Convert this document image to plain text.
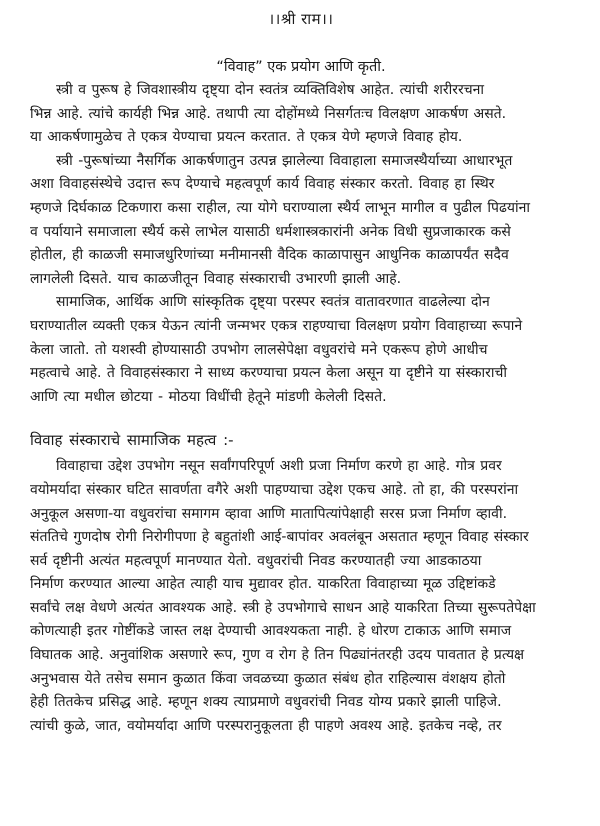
।।श्री राम।।
“विवाह” एक प्रयोग आणि कृती.
स्त्री व पुरूष हे जिवशास्त्रीय दृष्ट्या दोन स्वतंत्र व्यक्तिविशेष आहेत. त्यांची शरीररचना
भिन्न आहे. त्यांचे कार्यही भिन्न आहे. तथापी त्या दोहोंमध्ये निसर्गतःच विलक्षण आकर्षण असते.
या आकर्षणामुळेच ते एकत्र येण्याचा प्रयत्न करतात. ते एकत्र येणे म्हणजे विवाह होय.
स्त्री -पुरूषांच्या नैसर्गिक आकर्षणातुन उत्पन्न झालेल्या विवाहाला समाजस्थैर्याच्या आधारभूत
अशा विवाहसंस्थेचे उदात्त रूप देण्याचे महत्वपूर्ण कार्य विवाह संस्कार करतो. विवाह हा स्थिर
म्हणजे दिर्घकाळ टिकणारा कसा राहील, त्या योगे घराण्याला स्थैर्य लाभून मागील व पुढील पिढयांना
व पर्यायाने समाजाला स्थैर्य कसे लाभेल यासाठी धर्मशास्त्रकारांनी अनेक विधी सुप्रजाकारक कसे
होतील, ही काळजी समाजधुरिणांच्या मनीमानसी वैदिक काळापासुन आधुनिक काळापर्यंत सदैव
लागलेली दिसते. याच काळजीतून विवाह संस्काराची उभारणी झाली आहे.
सामाजिक, आर्थिक आणि सांस्कृतिक दृष्ट्या परस्पर स्वतंत्र वातावरणात वाढलेल्या दोन
घराण्यातील व्यक्ती एकत्र येऊन त्यांनी जन्मभर एकत्र राहण्याचा विलक्षण प्रयोग विवाहाच्या रूपाने
केला जातो. तो यशस्वी होण्यासाठी उपभोग लालसेपेक्षा वधुवरांचे मने एकरूप होणे आधीच
महत्वाचे आहे. ते विवाहसंस्कारा ने साध्य करण्याचा प्रयत्न केला असून या दृष्टीने या संस्काराची
आणि त्या मधील छोटया - मोठया विधींची हेतूने मांडणी केलेली दिसते.
विवाह संस्काराचे सामाजिक महत्व :-
विवाहाचा उद्देश उपभोग नसून सर्वांगपरिपूर्ण अशी प्रजा निर्माण करणे हा आहे. गोत्र प्रवर
वयोमर्यादा संस्कार घटित सावर्णता वगैरे अशी पाहण्याचा उद्देश एकच आहे. तो हा, की परस्परांना
अनुकूल असणा-या वधुवरांचा समागम व्हावा आणि मातापित्यांपेक्षाही सरस प्रजा निर्माण व्हावी.
संततिचे गुणदोष रोगी निरोगीपणा हे बहुतांशी आई-बापांवर अवलंबून असतात म्हणून विवाह संस्कार
सर्व दृष्टीनी अत्यंत महत्वपूर्ण मानण्यात येतो. वधुवरांची निवड करण्यातही ज्या आडकाठया
निर्माण करण्यात आल्या आहेत त्याही याच मुद्यावर होत. याकरिता विवाहाच्या मूळ उद्दिष्टांकडे
सर्वांचे लक्ष वेधणे अत्यंत आवश्यक आहे. स्त्री हे उपभोगाचे साधन आहे याकरिता तिच्या सुरूपतेपेक्षा
कोणत्याही इतर गोष्टींकडे जास्त लक्ष देण्याची आवश्यकता नाही. हे धोरण टाकाऊ आणि समाज
विघातक आहे. अनुवांशिक असणारे रूप, गुण व रोग हे तिन पिढ्यांनंतरही उदय पावतात हे प्रत्यक्ष
अनुभवास येते तसेच समान कुळात किंवा जवळच्या कुळात संबंध होत राहिल्यास वंशक्षय होतो
हेही तितकेच प्रसिद्ध आहे. म्हणून शक्य त्याप्रमाणे वधुवरांची निवड योग्य प्रकारे झाली पाहिजे.
त्यांची कुळे, जात, वयोमर्यादा आणि परस्परानुकूलता ही पाहणे अवश्य आहे. इतकेच नव्हे, तर
